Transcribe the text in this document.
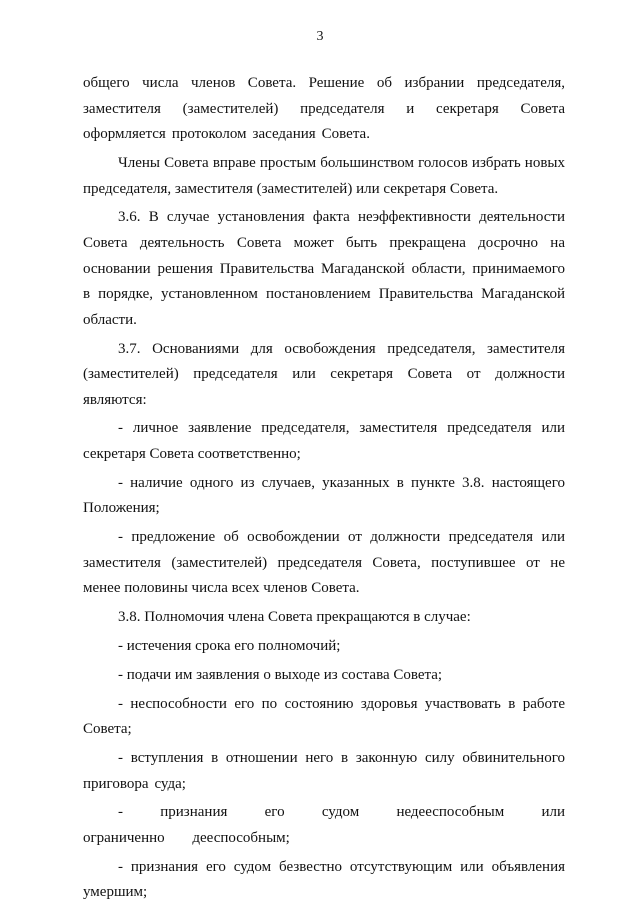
3

общего числа членов Совета. Решение об избрании председателя, заместителя (заместителей) председателя и секретаря Совета оформляется протоколом заседания Совета.

Члены Совета вправе простым большинством голосов избрать новых председателя, заместителя (заместителей) или секретаря Совета.

3.6. В случае установления факта неэффективности деятельности Совета деятельность Совета может быть прекращена досрочно на основании решения Правительства Магаданской области, принимаемого в порядке, установленном постановлением Правительства Магаданской области.

3.7. Основаниями для освобождения председателя, заместителя (заместителей) председателя или секретаря Совета от должности являются:

- личное заявление председателя, заместителя председателя или секретаря Совета соответственно;

- наличие одного из случаев, указанных в пункте 3.8. настоящего Положения;

- предложение об освобождении от должности председателя или заместителя (заместителей) председателя Совета, поступившее от не менее половины числа всех членов Совета.

3.8. Полномочия члена Совета прекращаются в случае:

- истечения срока его полномочий;

- подачи им заявления о выходе из состава Совета;

- неспособности его по состоянию здоровья участвовать в работе Совета;

- вступления в отношении него в законную силу обвинительного приговора суда;

- признания его судом недееспособным или ограниченно дееспособным;

- признания его судом безвестно отсутствующим или объявления умершим;
